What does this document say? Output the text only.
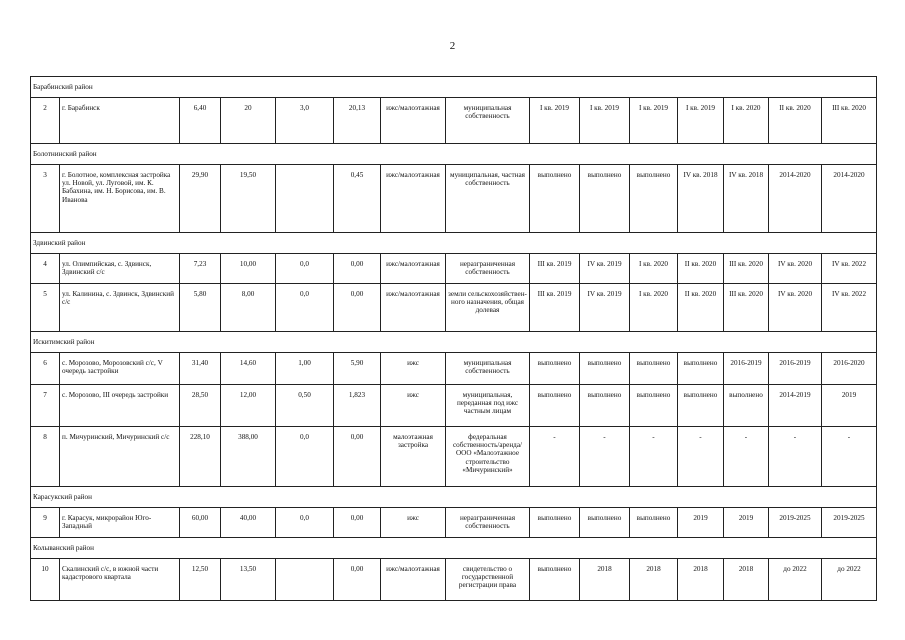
2
Барабинский район														
2	г. Барабинск	6,40	20	3,0	20,13	ижс/малоэтажная	муниципальная собственность	I кв. 2019	I кв. 2019	I кв. 2019	I кв. 2019	I кв. 2020	II кв. 2020	III кв. 2020
Болотнинский район														
3	г. Болотное, комплексная застройка ул. Новой, ул. Луговой, им. К. Бабахина, им. Н. Борисова, им. В. Иванова	29,90	19,50		0,45	ижс/малоэтажная	муниципальная, частная собственность	выполнено	выполнено	выполнено	IV кв. 2018	IV кв. 2018	2014-2020	2014-2020
Здвинский район														
4	ул. Олимпийская, с. Здвинск, Здвинский с/с	7,23	10,00	0,0	0,00	ижс/малоэтажная	неразграниченная собственность	III кв. 2019	IV кв. 2019	I кв. 2020	II кв. 2020	III кв. 2020	IV кв. 2020	IV кв. 2022
5	ул. Калинина, с. Здвинск, Здвинский с/с	5,80	8,00	0,0	0,00	ижс/малоэтажная	земли сельскохозяйствен-ного назначения, общая долевая	III кв. 2019	IV кв. 2019	I кв. 2020	II кв. 2020	III кв. 2020	IV кв. 2020	IV кв. 2022
Искитимский район														
6	с. Морозово, Морозовский с/с, V очередь застройки	31,40	14,60	1,00	5,90	ижс	муниципальная собственность	выполнено	выполнено	выполнено	выполнено	2016-2019	2016-2019	2016-2020
7	с. Морозово, III очередь застройки	28,50	12,00	0,50	1,823	ижс	муниципальная, переданная под ижс частным лицам	выполнено	выполнено	выполнено	выполнено	выполнено	2014-2019	2019
8	п. Мичуринский, Мичуринский с/с	228,10	388,00	0,0	0,00	малоэтажная застройка	федеральная собственность/аренда/ ООО «Малоэтажное строительство «Мичуринский»	-	-	-	-	-	-	-
Карасукский район														
9	г. Карасук, микрорайон Юго-Западный	60,00	40,00	0,0	0,00	ижс	неразграниченная собственность	выполнено	выполнено	выполнено	2019	2019	2019-2025	2019-2025
Колыванский район														
10	Скалинский с/с, в южной части кадастрового квартала	12,50	13,50		0,00	ижс/малоэтажная	свидетельство о государственной регистрации права	выполнено	2018	2018	2018	2018	до 2022	до 2022
